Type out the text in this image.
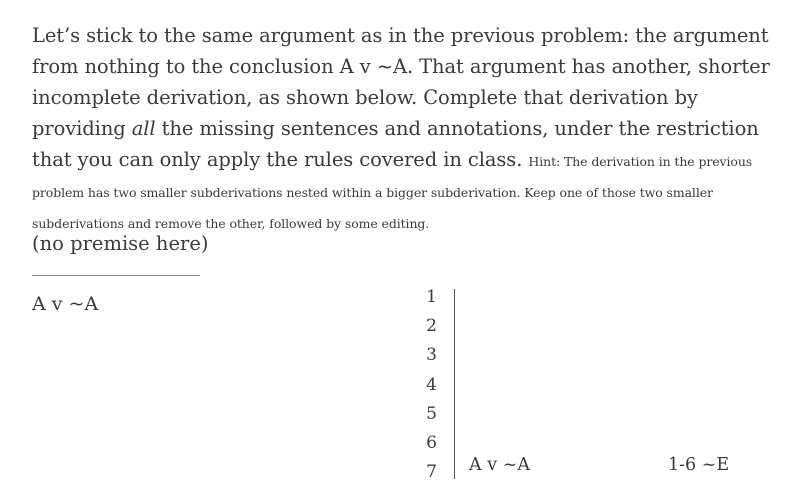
Let’s stick to the same argument as in the previous problem: the argument from nothing to the conclusion A v ~A. That argument has another, shorter incomplete derivation, as shown below. Complete that derivation by providing all the missing sentences and annotations, under the restriction that you can only apply the rules covered in class. Hint: The derivation in the previous problem has two smaller subderivations nested within a bigger subderivation. Keep one of those two smaller subderivations and remove the other, followed by some editing.
(no premise here)
A v ~A	1
2
3
4
5
6
7 A v ~A	1-6 ~E
